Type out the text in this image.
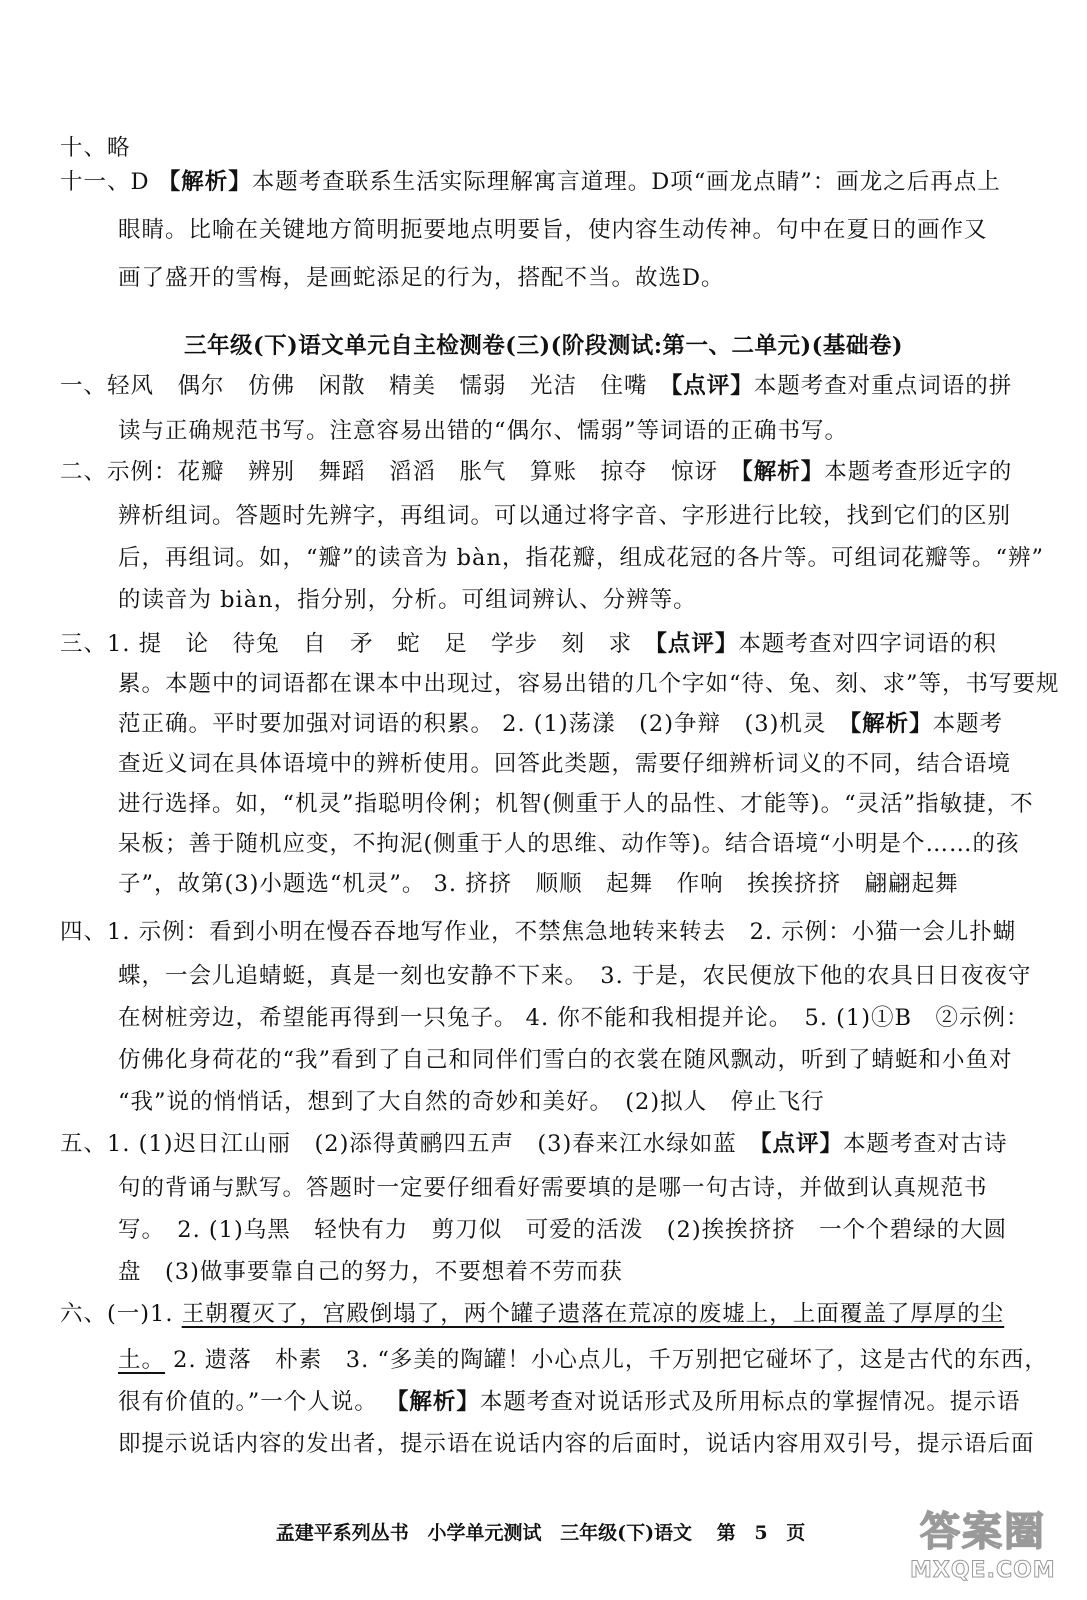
十、略
十一、D 【解析】本题考查联系生活实际理解寓言道理。D项“画龙点睛”：画龙之后再点上
眼睛。比喻在关键地方简明扼要地点明要旨，使内容生动传神。句中在夏日的画作又
画了盛开的雪梅，是画蛇添足的行为，搭配不当。故选D。
三年级(下)语文单元自主检测卷(三)(阶段测试:第一、二单元)(基础卷)
一、轻风　偶尔　仿佛　闲散　精美　懦弱　光洁　住嘴　【点评】本题考查对重点词语的拼
读与正确规范书写。注意容易出错的“偶尔、懦弱”等词语的正确书写。
二、示例：花瓣　辨别　舞蹈　滔滔　胀气　算账　掠夺　惊讶　【解析】本题考查形近字的
辨析组词。答题时先辨字，再组词。可以通过将字音、字形进行比较，找到它们的区别
后，再组词。如，“瓣”的读音为 bàn，指花瓣，组成花冠的各片等。可组词花瓣等。“辨”
的读音为 biàn，指分别，分析。可组词辨认、分辨等。
三、1. 提　论　待兔　自　矛　蛇　足　学步　刻　求　【点评】本题考查对四字词语的积
累。本题中的词语都在课本中出现过，容易出错的几个字如“待、兔、刻、求”等，书写要规
范正确。平时要加强对词语的积累。 2. (1)荡漾　(2)争辩　(3)机灵　【解析】本题考
查近义词在具体语境中的辨析使用。回答此类题，需要仔细辨析词义的不同，结合语境
进行选择。如，“机灵”指聪明伶俐；机智(侧重于人的品性、才能等)。“灵活”指敏捷，不
呆板；善于随机应变，不拘泥(侧重于人的思维、动作等)。结合语境“小明是个……的孩
子”，故第(3)小题选“机灵”。 3. 挤挤　顺顺　起舞　作响　挨挨挤挤　翩翩起舞
四、1. 示例：看到小明在慢吞吞地写作业，不禁焦急地转来转去　2. 示例：小猫一会儿扑蝴
蝶，一会儿追蜻蜓，真是一刻也安静不下来。　3. 于是，农民便放下他的农具日日夜夜守
在树桩旁边，希望能再得到一只兔子。 4. 你不能和我相提并论。　5. (1)①B　②示例：
仿佛化身荷花的“我”看到了自己和同伴们雪白的衣裳在随风飘动，听到了蜻蜓和小鱼对
“我”说的悄悄话，想到了大自然的奇妙和美好。　(2)拟人　停止飞行
五、1. (1)迟日江山丽　(2)添得黄鹂四五声　(3)春来江水绿如蓝　【点评】本题考查对古诗
句的背诵与默写。答题时一定要仔细看好需要填的是哪一句古诗，并做到认真规范书
写。　2. (1)乌黑　轻快有力　剪刀似　可爱的活泼　(2)挨挨挤挤　一个个碧绿的大圆
盘　(3)做事要靠自己的努力，不要想着不劳而获
六、(一)1. 王朝覆灭了，宫殿倒塌了，两个罐子遗落在荒凉的废墟上，上面覆盖了厚厚的尘
土。 2. 遗落　朴素　3. “多美的陶罐！小心点儿，千万别把它碰坏了，这是古代的东西，
很有价值的。”一个人说。 【解析】本题考查对说话形式及所用标点的掌握情况。提示语
即提示说话内容的发出者，提示语在说话内容的后面时，说话内容用双引号，提示语后面
孟建平系列丛书 小学单元测试 三年级(下)语文 第 5 页	答案圈
MXQE.COM
